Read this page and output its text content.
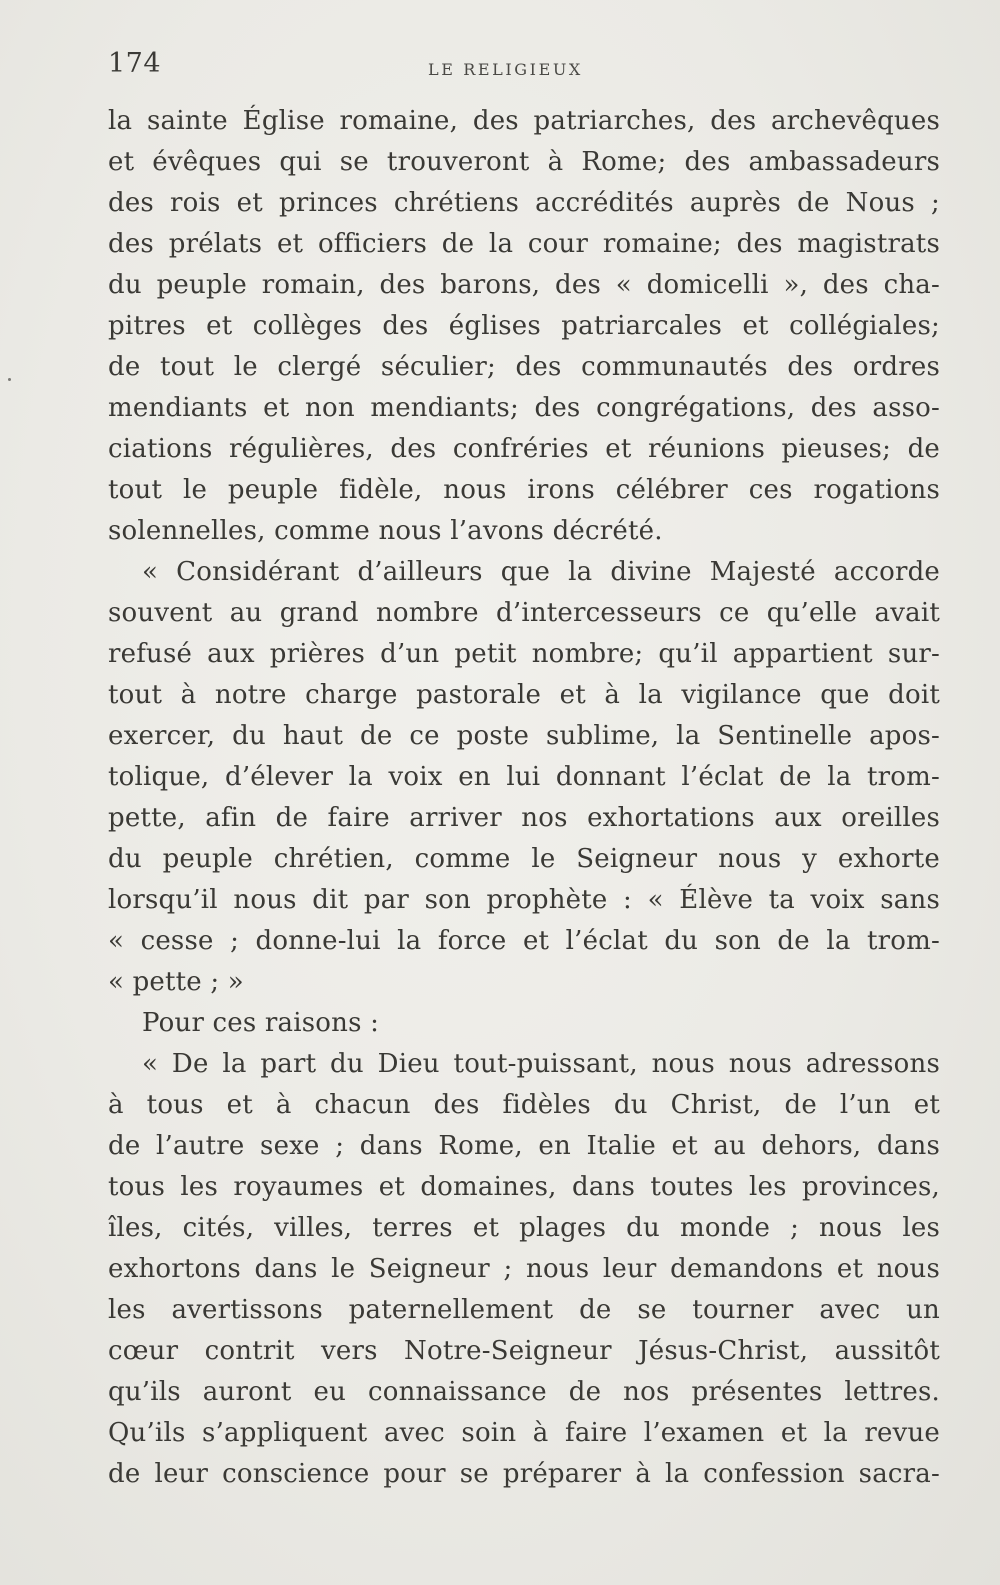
174	LE RELIGIEUX
la sainte Église romaine, des patriarches, des archevêques
et évêques qui se trouveront à Rome; des ambassadeurs
des rois et princes chrétiens accrédités auprès de Nous ;
des prélats et officiers de la cour romaine; des magistrats
du peuple romain, des barons, des « domicelli », des cha-
pitres et collèges des églises patriarcales et collégiales;
de tout le clergé séculier; des communautés des ordres
mendiants et non mendiants; des congrégations, des asso-
ciations régulières, des confréries et réunions pieuses; de
tout le peuple fidèle, nous irons célébrer ces rogations
solennelles, comme nous l’avons décrété.
« Considérant d’ailleurs que la divine Majesté accorde
souvent au grand nombre d’intercesseurs ce qu’elle avait
refusé aux prières d’un petit nombre; qu’il appartient sur-
tout à notre charge pastorale et à la vigilance que doit
exercer, du haut de ce poste sublime, la Sentinelle apos-
tolique, d’élever la voix en lui donnant l’éclat de la trom-
pette, afin de faire arriver nos exhortations aux oreilles
du peuple chrétien, comme le Seigneur nous y exhorte
lorsqu’il nous dit par son prophète : « Élève ta voix sans
« cesse ; donne-lui la force et l’éclat du son de la trom-
« pette ; »
Pour ces raisons :
« De la part du Dieu tout-puissant, nous nous adressons
à tous et à chacun des fidèles du Christ, de l’un et
de l’autre sexe ; dans Rome, en Italie et au dehors, dans
tous les royaumes et domaines, dans toutes les provinces,
îles, cités, villes, terres et plages du monde ; nous les
exhortons dans le Seigneur ; nous leur demandons et nous
les avertissons paternellement de se tourner avec un
cœur contrit vers Notre-Seigneur Jésus-Christ, aussitôt
qu’ils auront eu connaissance de nos présentes lettres.
Qu’ils s’appliquent avec soin à faire l’examen et la revue
de leur conscience pour se préparer à la confession sacra-
